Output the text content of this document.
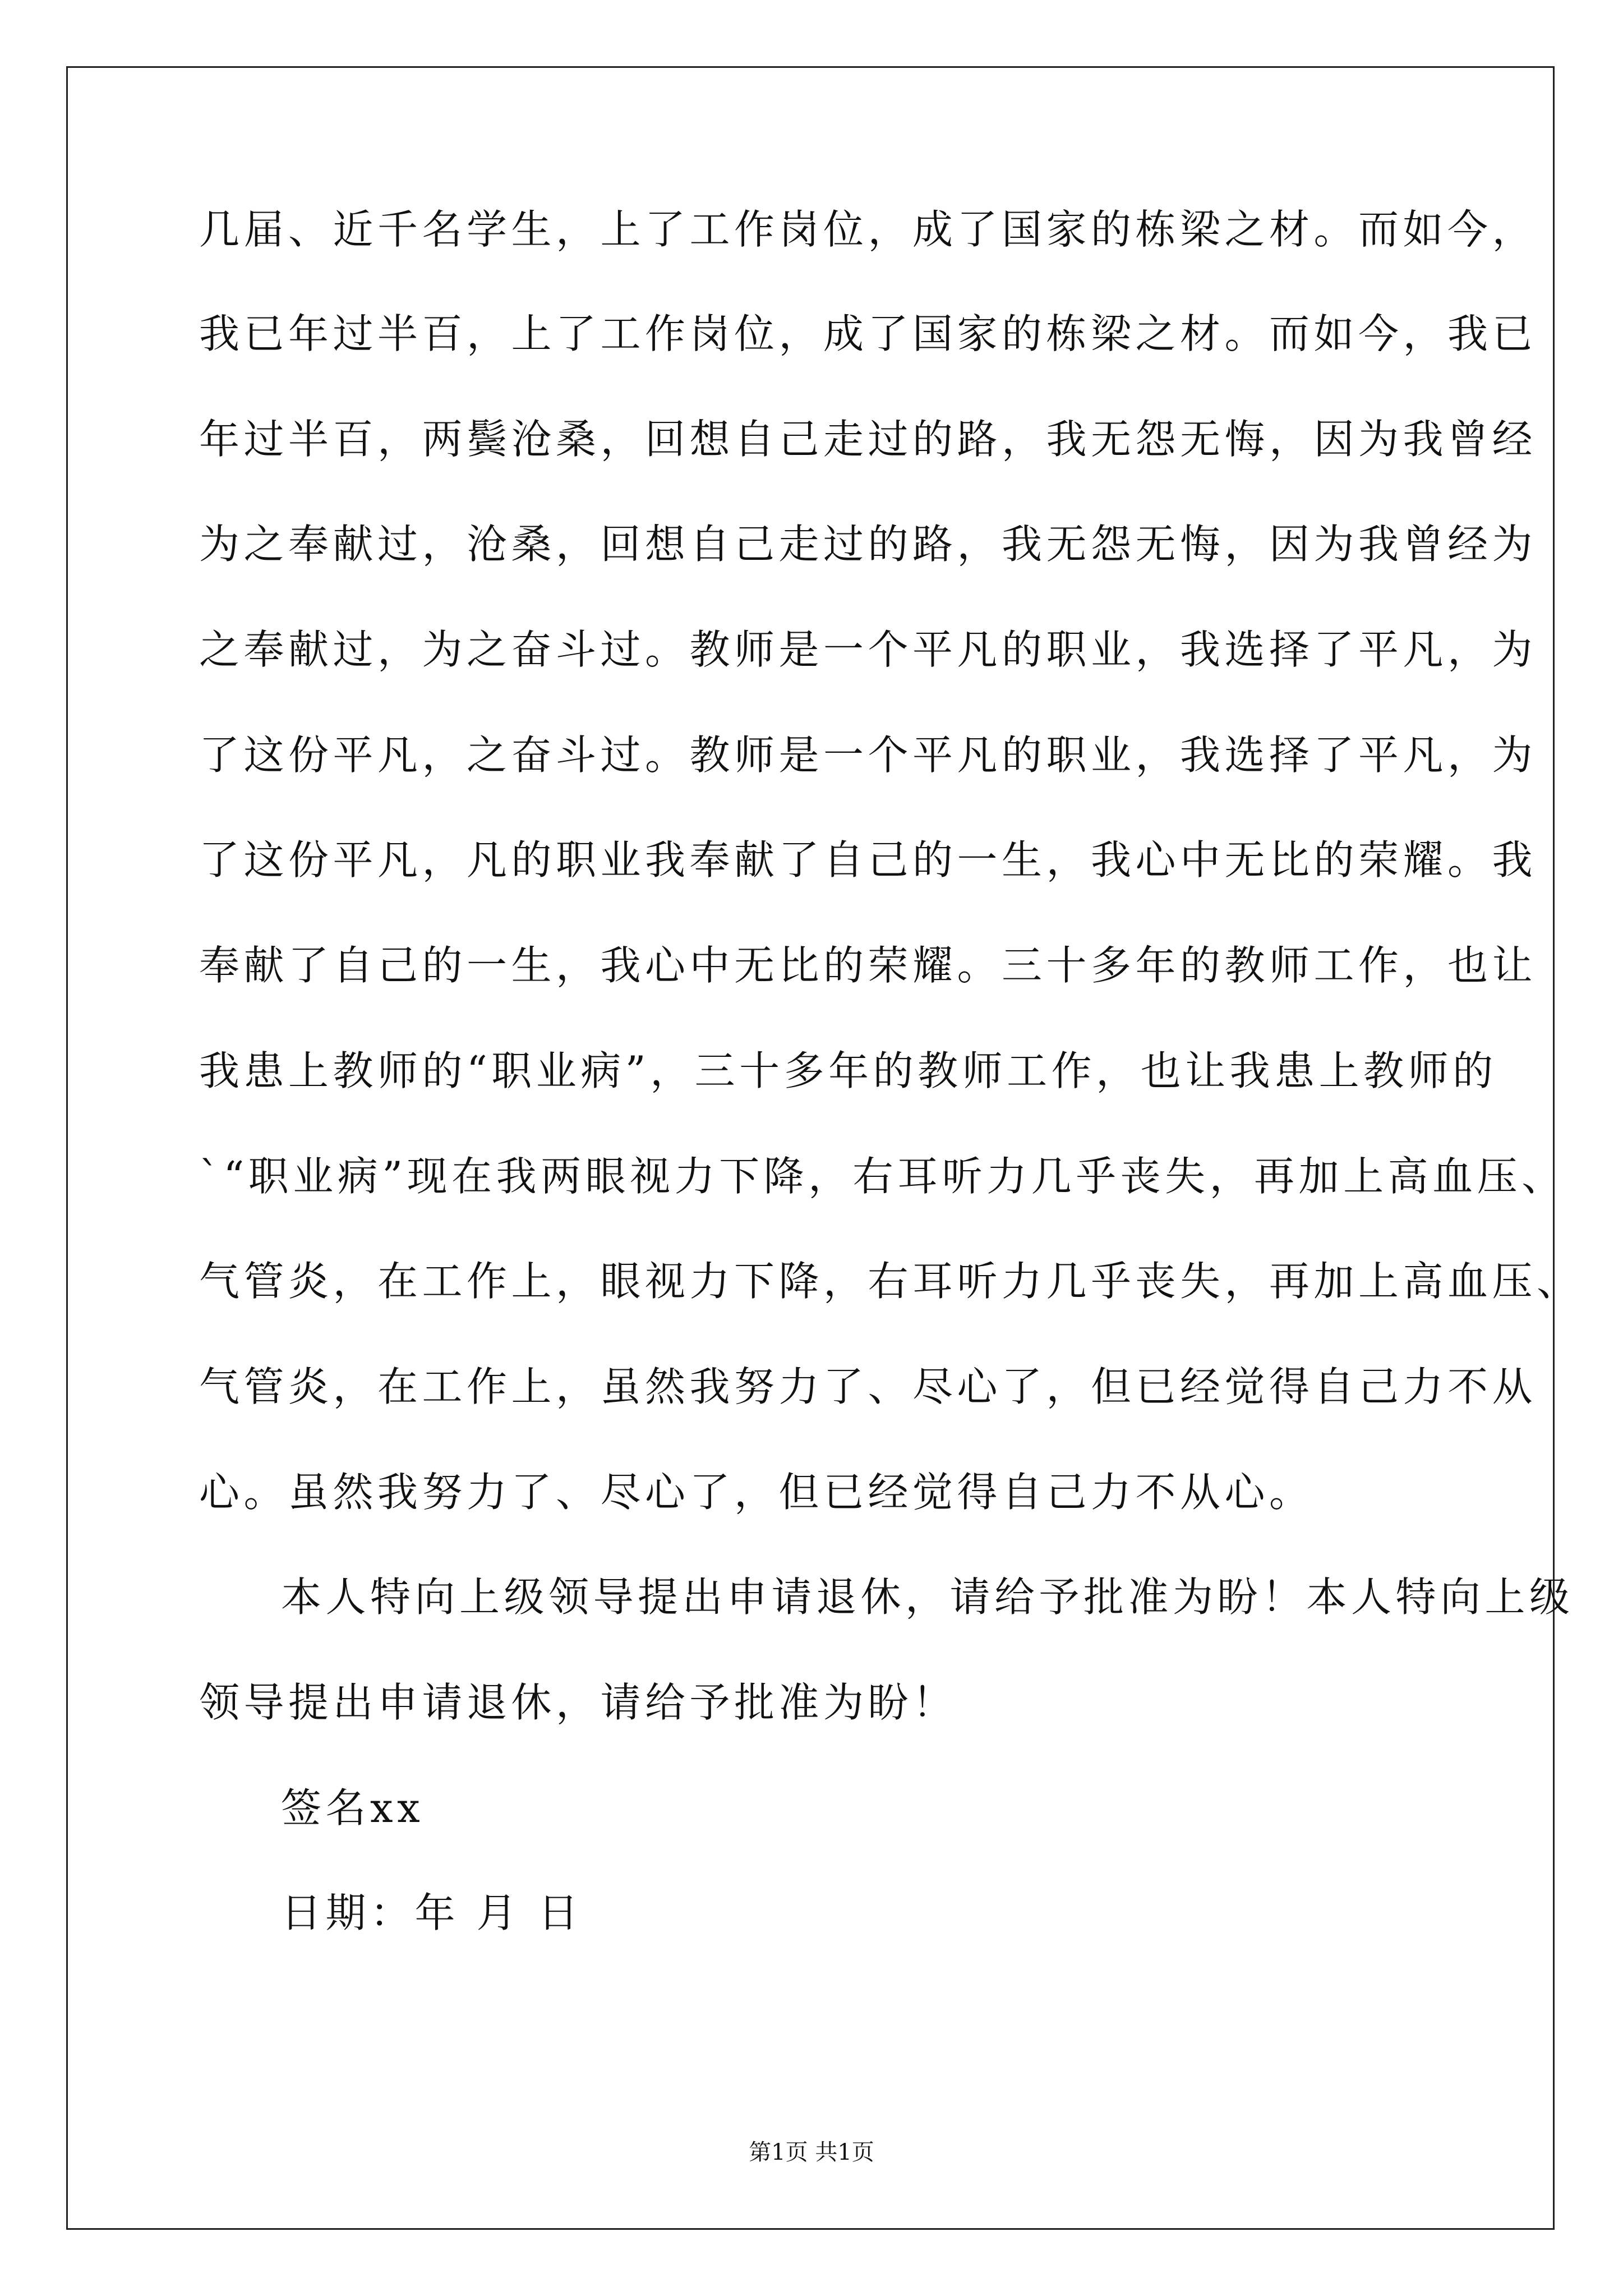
几届、近千名学生，上了工作岗位，成了国家的栋梁之材。而如今，
我已年过半百，上了工作岗位，成了国家的栋梁之材。而如今，我已
年过半百，两鬓沧桑，回想自己走过的路，我无怨无悔，因为我曾经
为之奉献过，沧桑，回想自己走过的路，我无怨无悔，因为我曾经为
之奉献过，为之奋斗过。教师是一个平凡的职业，我选择了平凡，为
了这份平凡，之奋斗过。教师是一个平凡的职业，我选择了平凡，为
了这份平凡，凡的职业我奉献了自己的一生，我心中无比的荣耀。我
奉献了自己的一生，我心中无比的荣耀。三十多年的教师工作，也让
我患上教师的“职业病”，三十多年的教师工作，也让我患上教师的
`“职业病”现在我两眼视力下降，右耳听力几乎丧失，再加上高血压、
气管炎，在工作上，眼视力下降，右耳听力几乎丧失，再加上高血压、
气管炎，在工作上，虽然我努力了、尽心了，但已经觉得自己力不从
心。虽然我努力了、尽心了，但已经觉得自己力不从心。
本人特向上级领导提出申请退休，请给予批准为盼！本人特向上级
领导提出申请退休，请给予批准为盼！
签名xx
日期：年 月 日
第1页 共1页
